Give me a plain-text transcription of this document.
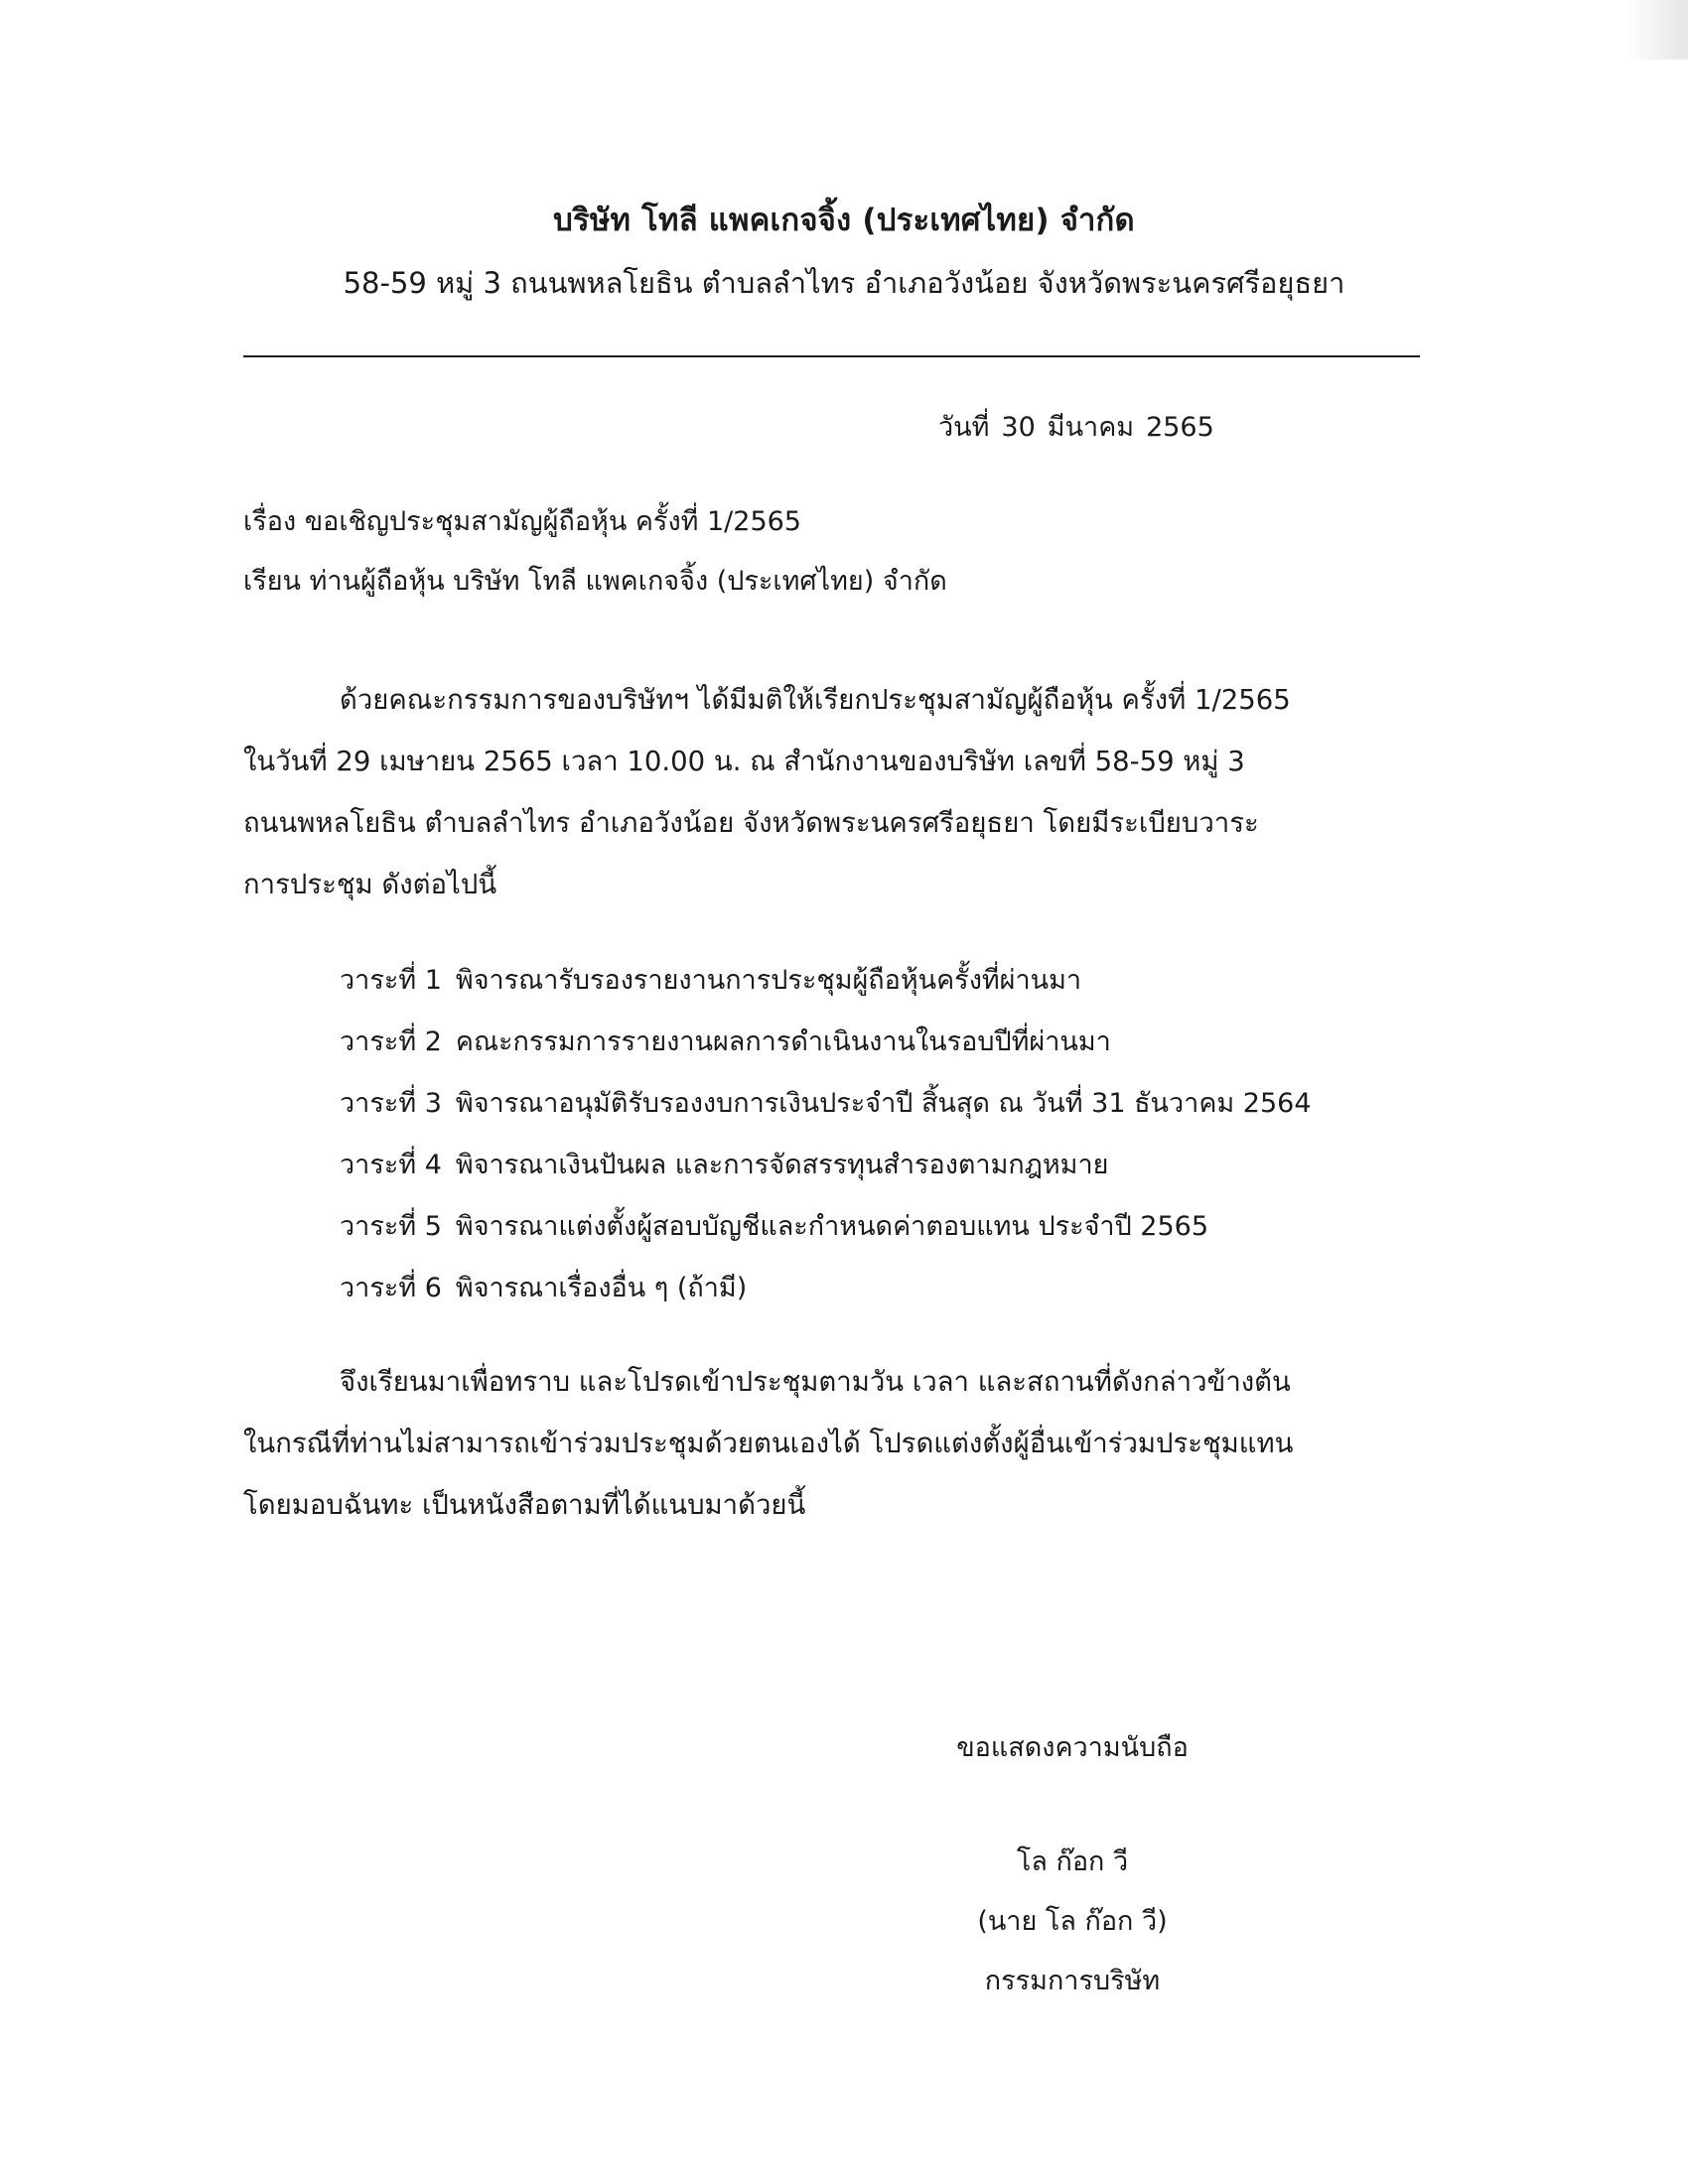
บริษัท โทลี แพคเกจจิ้ง (ประเทศไทย) จำกัด
58-59 หมู่ 3 ถนนพหลโยธิน ตำบลลำไทร อำเภอวังน้อย จังหวัดพระนครศรีอยุธยา
วันที่ 30 มีนาคม 2565
เรื่อง ขอเชิญประชุมสามัญผู้ถือหุ้น ครั้งที่ 1/2565
เรียน ท่านผู้ถือหุ้น บริษัท โทลี แพคเกจจิ้ง (ประเทศไทย) จำกัด
ด้วยคณะกรรมการของบริษัทฯ ได้มีมติให้เรียกประชุมสามัญผู้ถือหุ้น ครั้งที่ 1/2565
ในวันที่ 29 เมษายน 2565 เวลา 10.00 น. ณ สำนักงานของบริษัท เลขที่ 58-59 หมู่ 3
ถนนพหลโยธิน ตำบลลำไทร อำเภอวังน้อย จังหวัดพระนครศรีอยุธยา โดยมีระเบียบวาระ
การประชุม ดังต่อไปนี้
วาระที่ 1 พิจารณารับรองรายงานการประชุมผู้ถือหุ้นครั้งที่ผ่านมา
วาระที่ 2 คณะกรรมการรายงานผลการดำเนินงานในรอบปีที่ผ่านมา
วาระที่ 3 พิจารณาอนุมัติรับรองงบการเงินประจำปี สิ้นสุด ณ วันที่ 31 ธันวาคม 2564
วาระที่ 4 พิจารณาเงินปันผล และการจัดสรรทุนสำรองตามกฎหมาย
วาระที่ 5 พิจารณาแต่งตั้งผู้สอบบัญชีและกำหนดค่าตอบแทน ประจำปี 2565
วาระที่ 6 พิจารณาเรื่องอื่น ๆ (ถ้ามี)
จึงเรียนมาเพื่อทราบ และโปรดเข้าประชุมตามวัน เวลา และสถานที่ดังกล่าวข้างต้น
ในกรณีที่ท่านไม่สามารถเข้าร่วมประชุมด้วยตนเองได้ โปรดแต่งตั้งผู้อื่นเข้าร่วมประชุมแทน
โดยมอบฉันทะ เป็นหนังสือตามที่ได้แนบมาด้วยนี้
ขอแสดงความนับถือ
โล ก๊อก วี
(นาย โล ก๊อก วี)
กรรมการบริษัท
